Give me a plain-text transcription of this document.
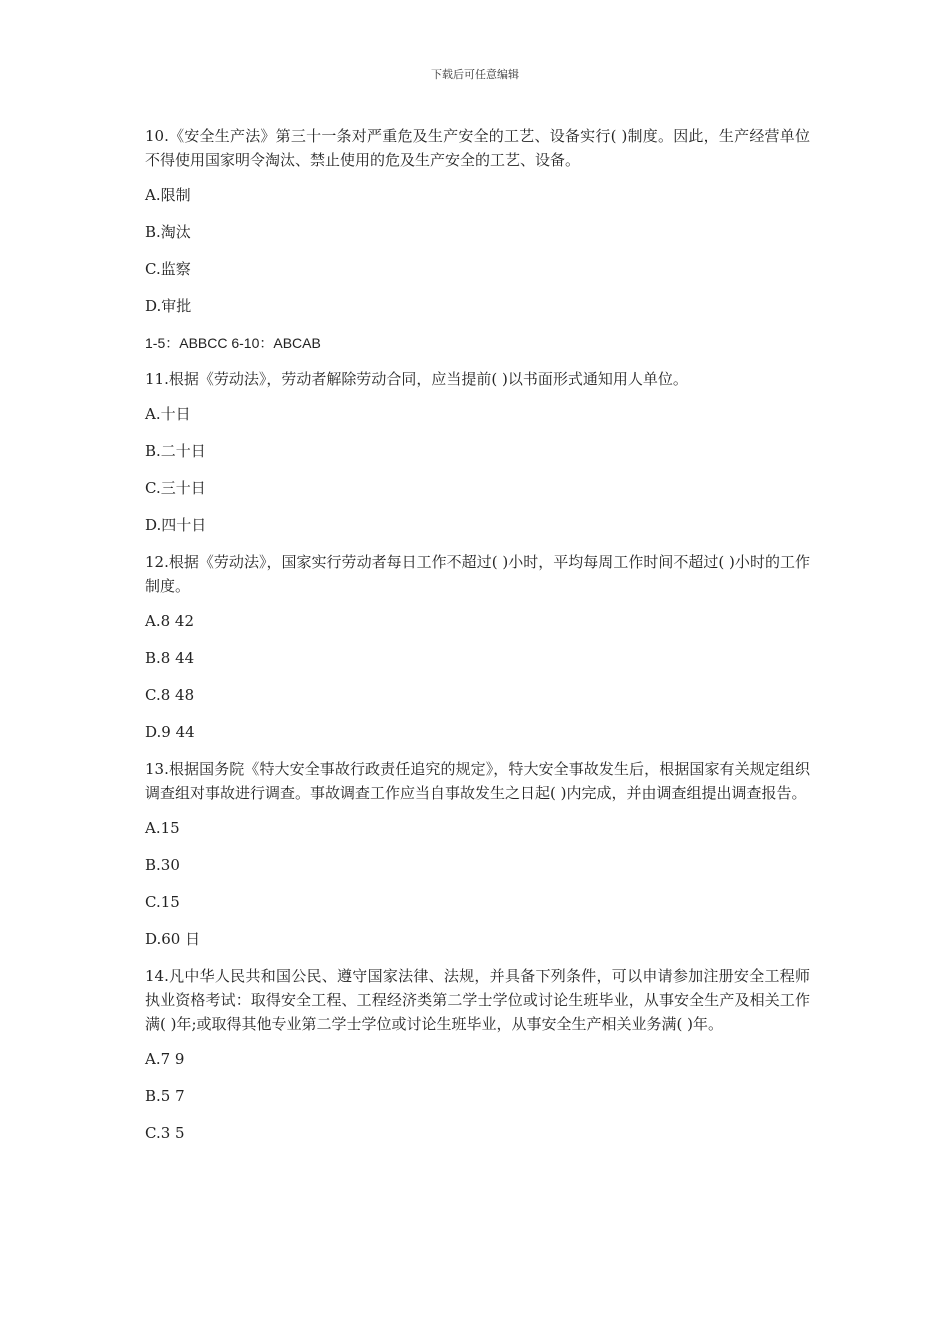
下载后可任意编辑

10.《安全生产法》第三十一条对严重危及生产安全的工艺、设备实行( )制度。因此，生产经营单位不得使用国家明令淘汰、禁止使用的危及生产安全的工艺、设备。

A.限制

B.淘汰

C.监察

D.审批

1-5：ABBCC 6-10：ABCAB

11.根据《劳动法》，劳动者解除劳动合同，应当提前( )以书面形式通知用人单位。

A.十日

B.二十日

C.三十日

D.四十日

12.根据《劳动法》，国家实行劳动者每日工作不超过( )小时，平均每周工作时间不超过( )小时的工作制度。

A.8 42

B.8 44

C.8 48

D.9 44

13.根据国务院《特大安全事故行政责任追究的规定》，特大安全事故发生后，根据国家有关规定组织调查组对事故进行调查。事故调查工作应当自事故发生之日起( )内完成，并由调查组提出调查报告。

A.15

B.30

C.15

D.60 日

14.凡中华人民共和国公民、遵守国家法律、法规，并具备下列条件，可以申请参加注册安全工程师执业资格考试：取得安全工程、工程经济类第二学士学位或讨论生班毕业，从事安全生产及相关工作满( )年;或取得其他专业第二学士学位或讨论生班毕业，从事安全生产相关业务满( )年。

A.7 9

B.5 7

C.3 5
